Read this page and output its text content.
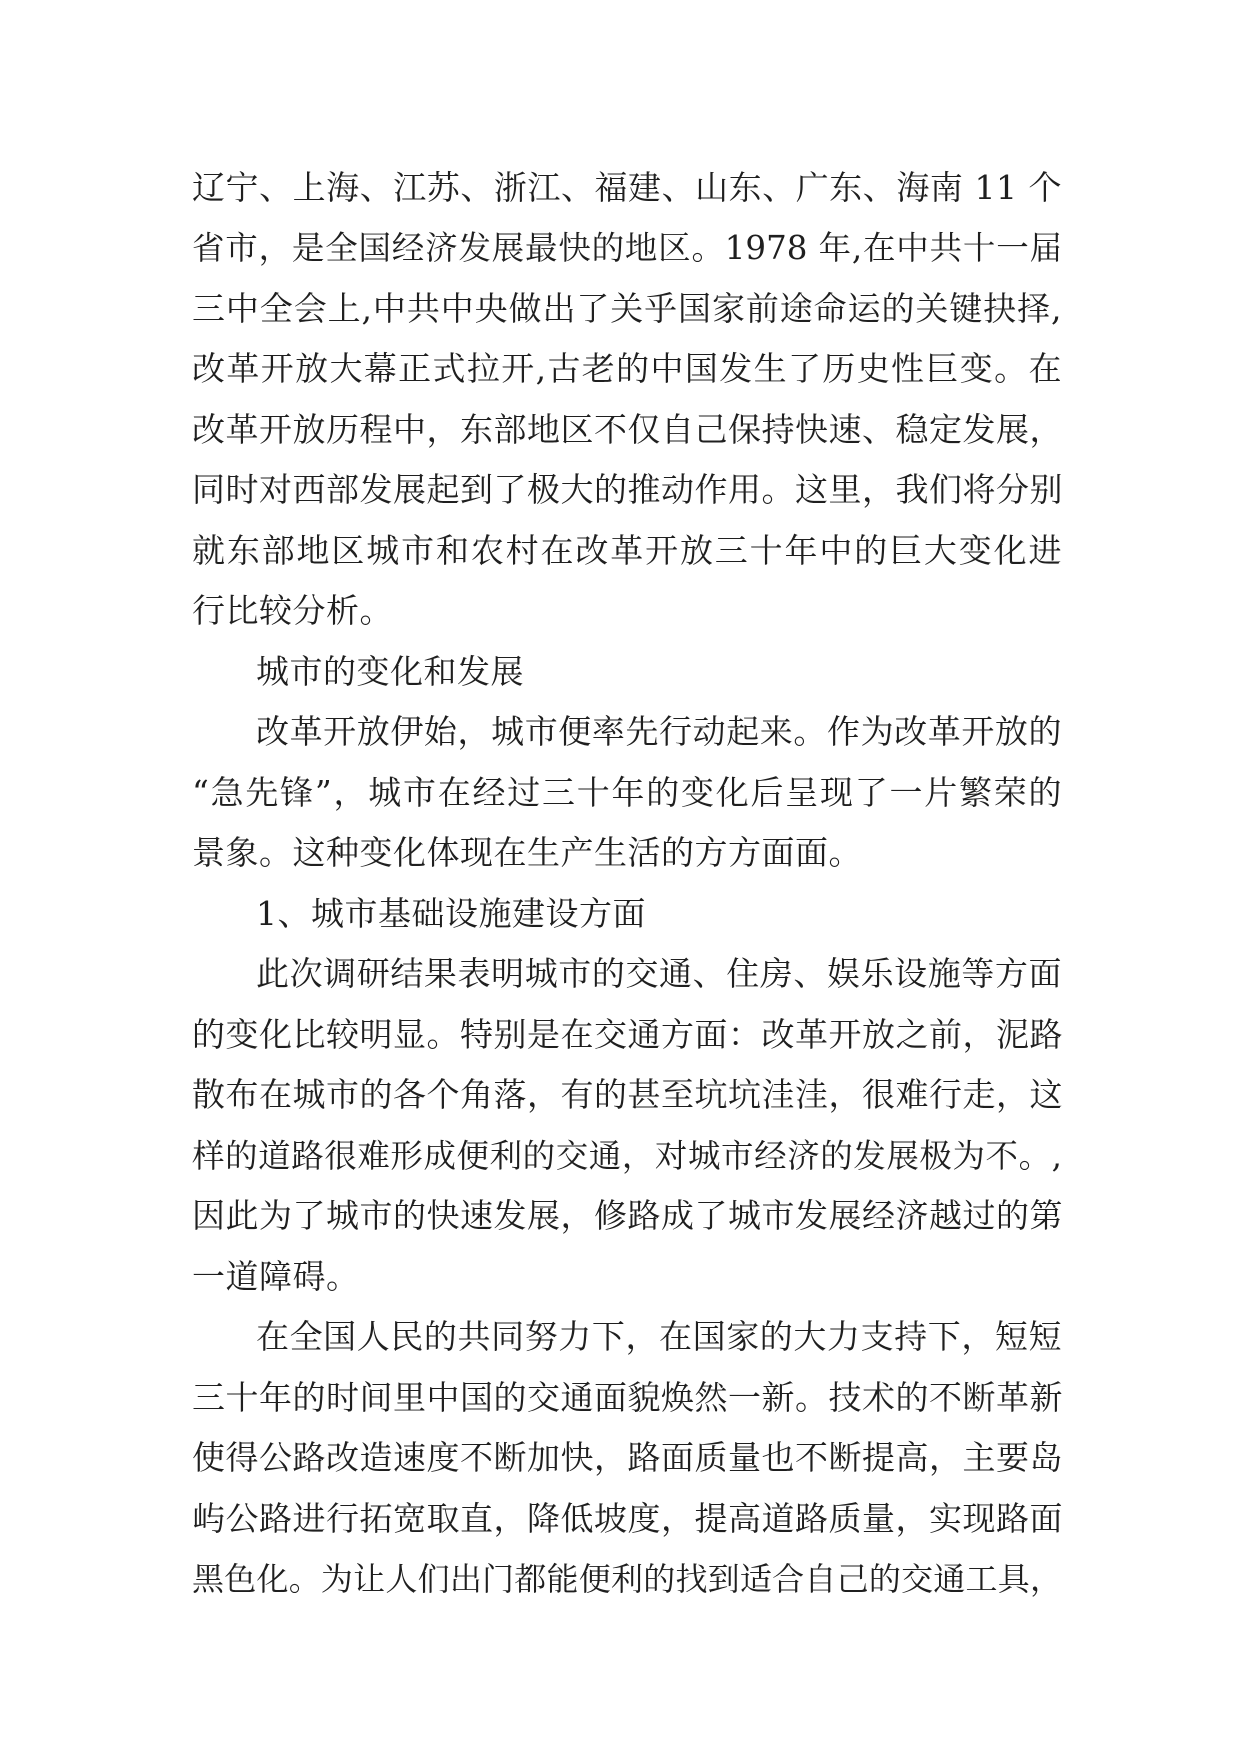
辽宁、上海、江苏、浙江、福建、山东、广东、海南 11 个
省市，是全国经济发展最快的地区。1978 年,在中共十一届
三中全会上,中共中央做出了关乎国家前途命运的关键抉择,
改革开放大幕正式拉开,古老的中国发生了历史性巨变。在
改革开放历程中，东部地区不仅自己保持快速、稳定发展，
同时对西部发展起到了极大的推动作用。这里，我们将分别
就东部地区城市和农村在改革开放三十年中的巨大变化进
行比较分析。
城市的变化和发展
改革开放伊始，城市便率先行动起来。作为改革开放的
“急先锋”，城市在经过三十年的变化后呈现了一片繁荣的
景象。这种变化体现在生产生活的方方面面。
1、城市基础设施建设方面
此次调研结果表明城市的交通、住房、娱乐设施等方面
的变化比较明显。特别是在交通方面：改革开放之前，泥路
散布在城市的各个角落，有的甚至坑坑洼洼，很难行走，这
样的道路很难形成便利的交通，对城市经济的发展极为不。,
因此为了城市的快速发展，修路成了城市发展经济越过的第
一道障碍。
在全国人民的共同努力下，在国家的大力支持下，短短
三十年的时间里中国的交通面貌焕然一新。技术的不断革新
使得公路改造速度不断加快，路面质量也不断提高，主要岛
屿公路进行拓宽取直，降低坡度，提高道路质量，实现路面
黑色化。为让人们出门都能便利的找到适合自己的交通工具，
